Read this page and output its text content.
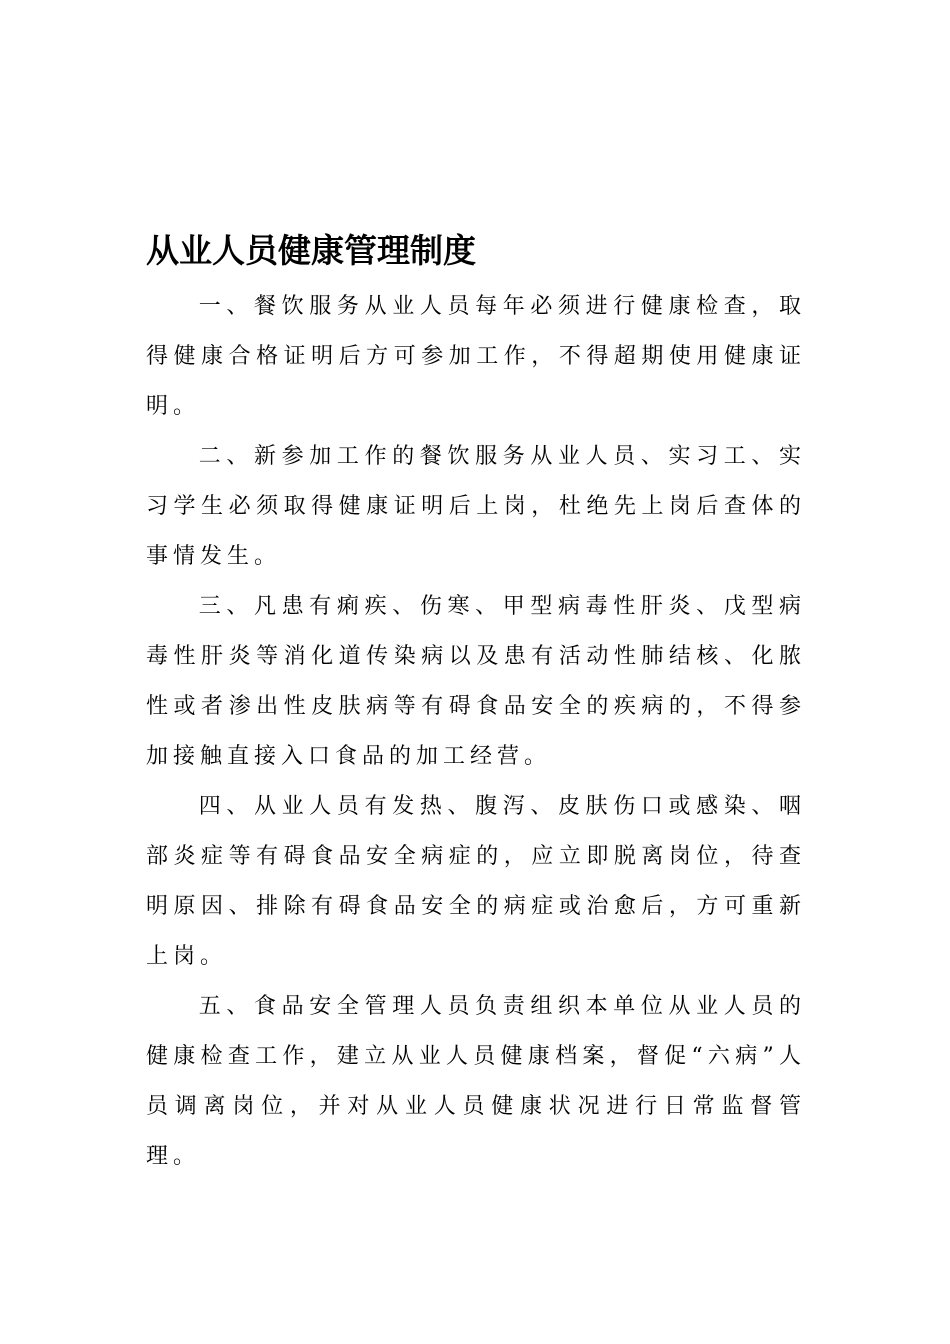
从业人员健康管理制度

一、餐饮服务从业人员每年必须进行健康检查，取得健康合格证明后方可参加工作，不得超期使用健康证明。

二、新参加工作的餐饮服务从业人员、实习工、实习学生必须取得健康证明后上岗，杜绝先上岗后查体的事情发生。

三、凡患有痢疾、伤寒、甲型病毒性肝炎、戊型病毒性肝炎等消化道传染病以及患有活动性肺结核、化脓性或者渗出性皮肤病等有碍食品安全的疾病的，不得参加接触直接入口食品的加工经营。

四、从业人员有发热、腹泻、皮肤伤口或感染、咽部炎症等有碍食品安全病症的，应立即脱离岗位，待查明原因、排除有碍食品安全的病症或治愈后，方可重新上岗。

五、食品安全管理人员负责组织本单位从业人员的健康检查工作，建立从业人员健康档案，督促“六病”人员调离岗位，并对从业人员健康状况进行日常监督管理。
